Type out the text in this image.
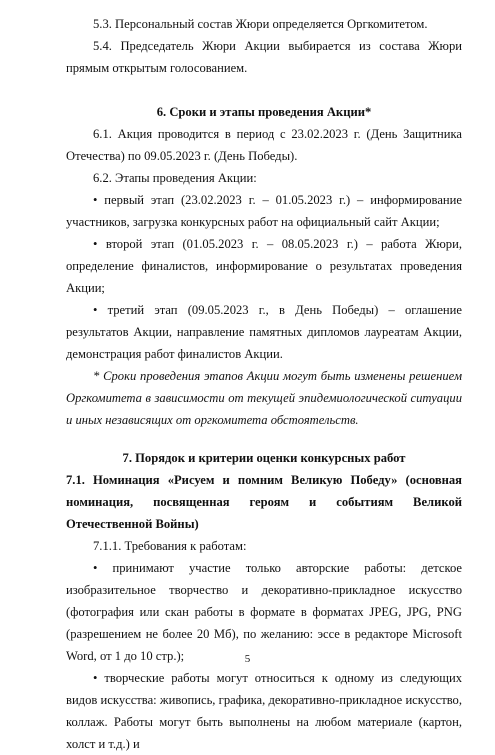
5.3. Персональный состав Жюри определяется Оргкомитетом.

5.4. Председатель Жюри Акции выбирается из состава Жюри прямым открытым голосованием.

6. Сроки и этапы проведения Акции*

6.1. Акция проводится в период с 23.02.2023 г. (День Защитника Отечества) по 09.05.2023 г. (День Победы).

6.2. Этапы проведения Акции:

• первый этап (23.02.2023 г. – 01.05.2023 г.) – информирование участников, загрузка конкурсных работ на официальный сайт Акции;

• второй этап (01.05.2023 г. – 08.05.2023 г.) – работа Жюри, определение финалистов, информирование о результатах проведения Акции;

• третий этап (09.05.2023 г., в День Победы) – оглашение результатов Акции, направление памятных дипломов лауреатам Акции, демонстрация работ финалистов Акции.

* Сроки проведения этапов Акции могут быть изменены решением Оргкомитета в зависимости от текущей эпидемиологической ситуации и иных независящих от оргкомитета обстоятельств.

7. Порядок и критерии оценки конкурсных работ

7.1. Номинация «Рисуем и помним Великую Победу» (основная номинация, посвященная героям и событиям Великой Отечественной Войны)

7.1.1. Требования к работам:

• принимают участие только авторские работы: детское изобразительное творчество и декоративно-прикладное искусство (фотография или скан работы в формате в форматах JPEG, JPG, PNG (разрешением не более 20 Мб), по желанию: эссе в редакторе Microsoft Word, от 1 до 10 стр.);

• творческие работы могут относиться к одному из следующих видов искусства: живопись, графика, декоративно-прикладное искусство, коллаж. Работы могут быть выполнены на любом материале (картон, холст и т.д.) и

5
